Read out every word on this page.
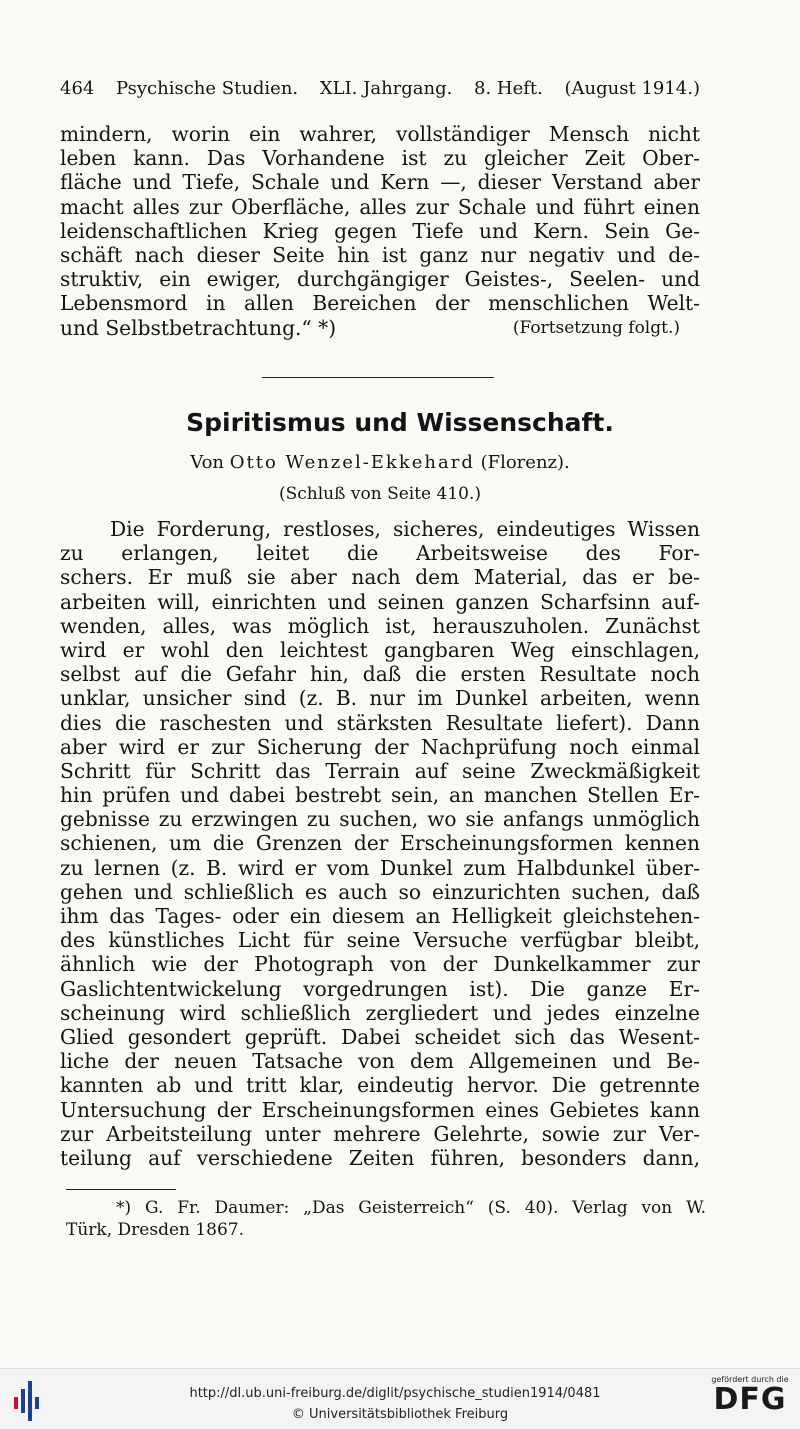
464 Psychische Studien. XLI. Jahrgang. 8. Heft. (August 1914.)
mindern, worin ein wahrer, vollständiger Mensch nicht
leben kann. Das Vorhandene ist zu gleicher Zeit Ober-
fläche und Tiefe, Schale und Kern —, dieser Verstand aber
macht alles zur Oberfläche, alles zur Schale und führt einen
leidenschaftlichen Krieg gegen Tiefe und Kern. Sein Ge-
schäft nach dieser Seite hin ist ganz nur negativ und de-
struktiv, ein ewiger, durchgängiger Geistes-, Seelen- und
Lebensmord in allen Bereichen der menschlichen Welt-
und Selbstbetrachtung.“ *)	(Fortsetzung folgt.)
Spiritismus und Wissenschaft.
Von Otto Wenzel-Ekkehard (Florenz).
(Schluß von Seite 410.)
Die Forderung, restloses, sicheres, eindeutiges Wissen
zu erlangen, leitet die Arbeitsweise des For-
schers. Er muß sie aber nach dem Material, das er be-
arbeiten will, einrichten und seinen ganzen Scharfsinn auf-
wenden, alles, was möglich ist, herauszuholen. Zunächst
wird er wohl den leichtest gangbaren Weg einschlagen,
selbst auf die Gefahr hin, daß die ersten Resultate noch
unklar, unsicher sind (z. B. nur im Dunkel arbeiten, wenn
dies die raschesten und stärksten Resultate liefert). Dann
aber wird er zur Sicherung der Nachprüfung noch einmal
Schritt für Schritt das Terrain auf seine Zweckmäßigkeit
hin prüfen und dabei bestrebt sein, an manchen Stellen Er-
gebnisse zu erzwingen zu suchen, wo sie anfangs unmöglich
schienen, um die Grenzen der Erscheinungsformen kennen
zu lernen (z. B. wird er vom Dunkel zum Halbdunkel über-
gehen und schließlich es auch so einzurichten suchen, daß
ihm das Tages- oder ein diesem an Helligkeit gleichstehen-
des künstliches Licht für seine Versuche verfügbar bleibt,
ähnlich wie der Photograph von der Dunkelkammer zur
Gaslichtentwickelung vorgedrungen ist). Die ganze Er-
scheinung wird schließlich zergliedert und jedes einzelne
Glied gesondert geprüft. Dabei scheidet sich das Wesent-
liche der neuen Tatsache von dem Allgemeinen und Be-
kannten ab und tritt klar, eindeutig hervor. Die getrennte
Untersuchung der Erscheinungsformen eines Gebietes kann
zur Arbeitsteilung unter mehrere Gelehrte, sowie zur Ver-
teilung auf verschiedene Zeiten führen, besonders dann,
*) G. Fr. Daumer: „Das Geisterreich“ (S. 40). Verlag von W.
Türk, Dresden 1867.
http://dl.ub.uni-freiburg.de/diglit/psychische_studien1914/0481
© Universitätsbibliothek Freiburg
gefördert durch die
DFG
